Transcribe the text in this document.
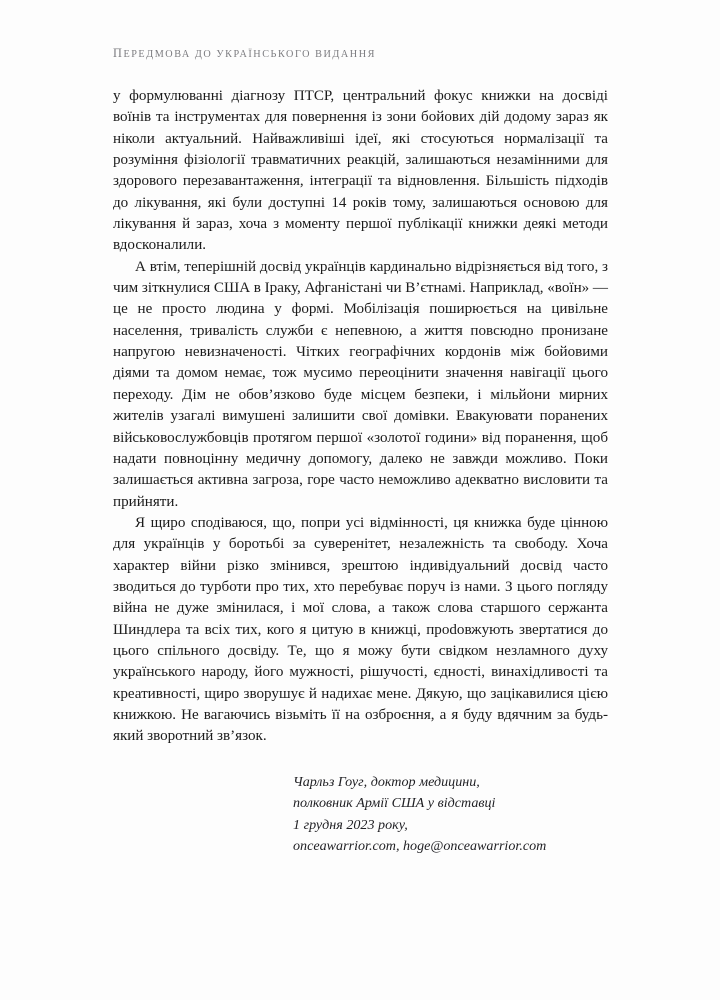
ПЕРЕДМОВА ДО УКРАЇНСЬКОГО ВИДАННЯ

у формулюванні діагнозу ПТСР, центральний фокус книжки на досвіді воїнів та інструментах для повернення із зони бойових дій додому зараз як ніколи актуальний. Найважливіші ідеї, які стосуються нормалізації та розуміння фізіології травматичних реакцій, залишаються незамінними для здорового перезавантаження, інтеграції та відновлення. Більшість підходів до лікування, які були доступні 14 років тому, залишаються основою для лікування й зараз, хоча з моменту першої публікації книжки деякі методи вдосконалили.

А втім, теперішній досвід українців кардинально відрізняється від того, з чим зіткнулися США в Іраку, Афганістані чи В’єтнамі. Наприклад, «воїн» — це не просто людина у формі. Мобілізація поширюється на цивільне населення, тривалість служби є непевною, а життя повсюдно пронизане напругою невизначеності. Чітких географічних кордонів між бойовими діями та домом немає, тож мусимо переоцінити значення навігації цього переходу. Дім не обов’язково буде місцем безпеки, і мільйони мирних жителів узагалі вимушені залишити свої домівки. Евакуювати поранених військовослужбовців протягом першої «золотої години» від поранення, щоб надати повноцінну медичну допомогу, далеко не завжди можливо. Поки залишається активна загроза, горе часто неможливо адекватно висловити та прийняти.

Я щиро сподіваюся, що, попри усі відмінності, ця книжка буде цінною для українців у боротьбі за суверенітет, незалежність та свободу. Хоча характер війни різко змінився, зрештою індивідуальний досвід часто зводиться до турботи про тих, хто перебуває поруч із нами. З цього погляду війна не дуже змінилася, і мої слова, а також слова старшого сержанта Шиндлера та всіх тих, кого я цитую в книжці, проdовжують звертатися до цього спільного досвіду. Те, що я можу бути свідком незламного духу українського народу, його мужності, рішучості, єдності, винахідливості та креативності, щиро зворушує й надихає мене. Дякую, що зацікавилися цією книжкою. Не вагаючись візьміть її на озброєння, а я буду вдячним за будь-який зворотний зв’язок.

Чарльз Гоуг, доктор медицини,
полковник Армії США у відставці
1 грудня 2023 року,
onceawarrior.com, hoge@onceawarrior.com
